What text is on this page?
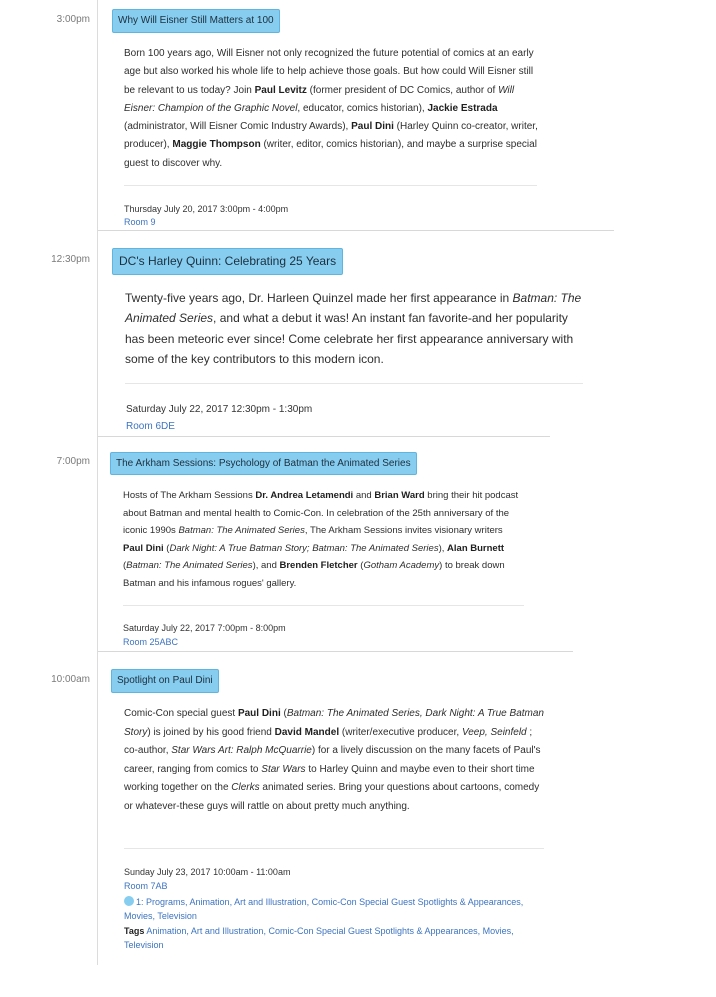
3:00pm	Why Will Eisner Still Matters at 100
Born 100 years ago, Will Eisner not only recognized the future potential of comics at an early age but also worked his whole life to help achieve those goals. But how could Will Eisner still be relevant to us today? Join Paul Levitz (former president of DC Comics, author of Will Eisner: Champion of the Graphic Novel, educator, comics historian), Jackie Estrada (administrator, Will Eisner Comic Industry Awards), Paul Dini (Harley Quinn co-creator, writer, producer), Maggie Thompson (writer, editor, comics historian), and maybe a surprise special guest to discover why.
Thursday July 20, 2017 3:00pm - 4:00pm
Room 9
12:30pm	DC's Harley Quinn: Celebrating 25 Years
Twenty-five years ago, Dr. Harleen Quinzel made her first appearance in Batman: The Animated Series, and what a debut it was! An instant fan favorite-and her popularity has been meteoric ever since! Come celebrate her first appearance anniversary with some of the key contributors to this modern icon.
Saturday July 22, 2017 12:30pm - 1:30pm
Room 6DE
7:00pm	The Arkham Sessions: Psychology of Batman the Animated Series
Hosts of The Arkham Sessions Dr. Andrea Letamendi and Brian Ward bring their hit podcast about Batman and mental health to Comic-Con. In celebration of the 25th anniversary of the iconic 1990s Batman: The Animated Series, The Arkham Sessions invites visionary writers Paul Dini (Dark Night: A True Batman Story; Batman: The Animated Series), Alan Burnett (Batman: The Animated Series), and Brenden Fletcher (Gotham Academy) to break down Batman and his infamous rogues' gallery.
Saturday July 22, 2017 7:00pm - 8:00pm
Room 25ABC
10:00am	Spotlight on Paul Dini
Comic-Con special guest Paul Dini (Batman: The Animated Series, Dark Night: A True Batman Story) is joined by his good friend David Mandel (writer/executive producer, Veep, Seinfeld ; co-author, Star Wars Art: Ralph McQuarrie) for a lively discussion on the many facets of Paul's career, ranging from comics to Star Wars to Harley Quinn and maybe even to their short time working together on the Clerks animated series. Bring your questions about cartoons, comedy or whatever-these guys will rattle on about pretty much anything.
Sunday July 23, 2017 10:00am - 11:00am
Room 7AB
1: Programs, Animation, Art and Illustration, Comic-Con Special Guest Spotlights & Appearances, Movies, Television
Tags Animation, Art and Illustration, Comic-Con Special Guest Spotlights & Appearances, Movies, Television
